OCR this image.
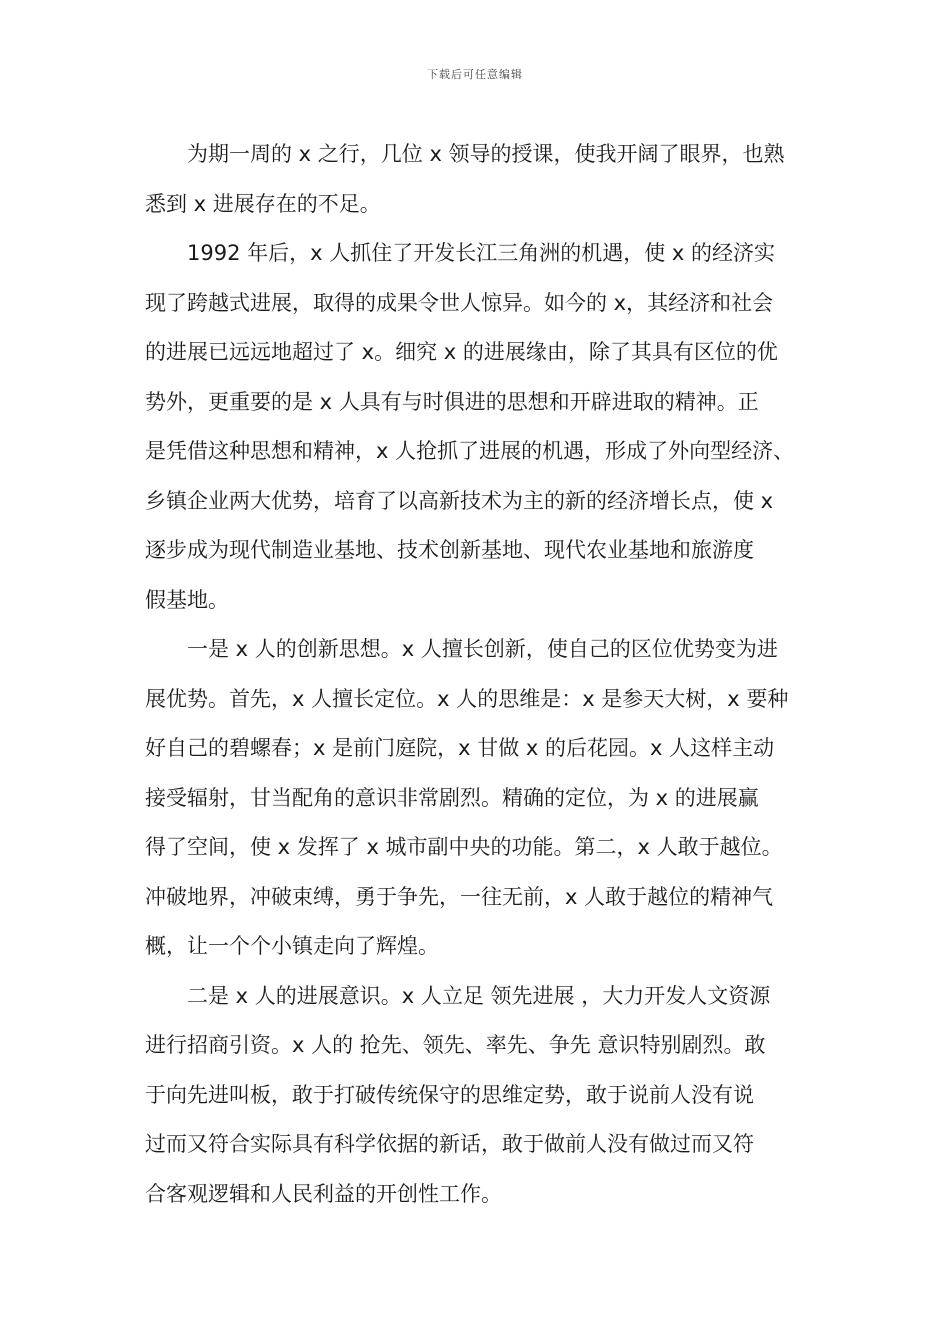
下载后可任意编辑

为期一周的 x 之行，几位 x 领导的授课，使我开阔了眼界，也熟
悉到 x 进展存在的不足。

1992 年后，x 人抓住了开发长江三角洲的机遇，使 x 的经济实
现了跨越式进展，取得的成果令世人惊异。如今的 x，其经济和社会
的进展已远远地超过了 x。细究 x 的进展缘由，除了其具有区位的优
势外，更重要的是 x 人具有与时俱进的思想和开辟进取的精神。正
是凭借这种思想和精神，x 人抢抓了进展的机遇，形成了外向型经济、
乡镇企业两大优势，培育了以高新技术为主的新的经济增长点，使 x
逐步成为现代制造业基地、技术创新基地、现代农业基地和旅游度
假基地。

一是 x 人的创新思想。x 人擅长创新，使自己的区位优势变为进
展优势。首先，x 人擅长定位。x 人的思维是：x 是参天大树，x 要种
好自己的碧螺春；x 是前门庭院，x 甘做 x 的后花园。x 人这样主动
接受辐射，甘当配角的意识非常剧烈。精确的定位，为 x 的进展赢
得了空间，使 x 发挥了 x 城市副中央的功能。第二，x 人敢于越位。
冲破地界，冲破束缚，勇于争先，一往无前，x 人敢于越位的精神气
概，让一个个小镇走向了辉煌。

二是 x 人的进展意识。x 人立足 领先进展 ，大力开发人文资源
进行招商引资。x 人的 抢先、领先、率先、争先 意识特别剧烈。敢
于向先进叫板，敢于打破传统保守的思维定势，敢于说前人没有说
过而又符合实际具有科学依据的新话，敢于做前人没有做过而又符
合客观逻辑和人民利益的开创性工作。
